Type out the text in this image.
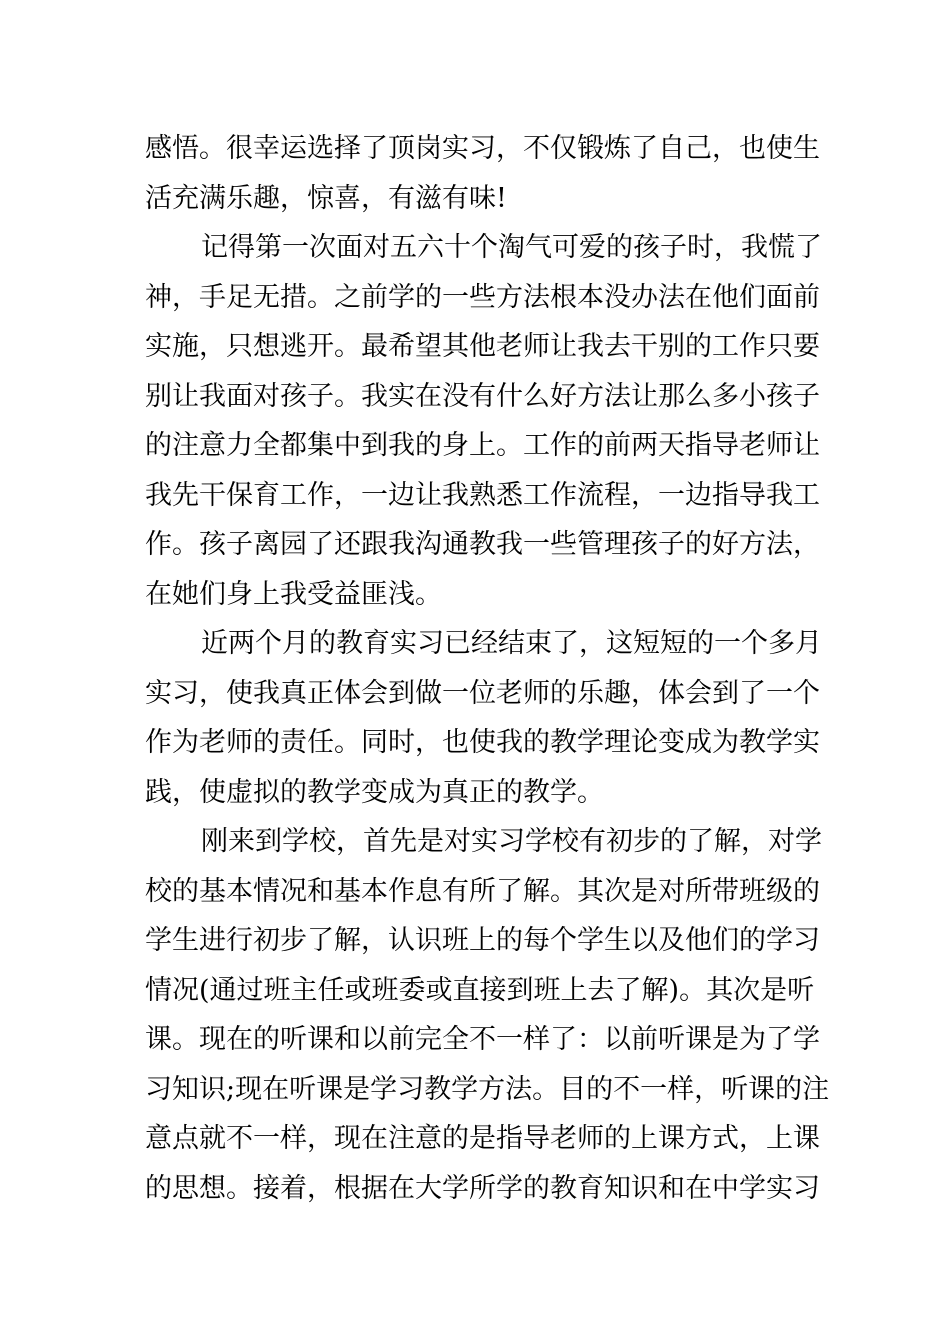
感悟。很幸运选择了顶岗实习，不仅锻炼了自己，也使生
活充满乐趣，惊喜，有滋有味!
记得第一次面对五六十个淘气可爱的孩子时，我慌了
神，手足无措。之前学的一些方法根本没办法在他们面前
实施，只想逃开。最希望其他老师让我去干别的工作只要
别让我面对孩子。我实在没有什么好方法让那么多小孩子
的注意力全都集中到我的身上。工作的前两天指导老师让
我先干保育工作，一边让我熟悉工作流程，一边指导我工
作。孩子离园了还跟我沟通教我一些管理孩子的好方法，
在她们身上我受益匪浅。
近两个月的教育实习已经结束了，这短短的一个多月
实习，使我真正体会到做一位老师的乐趣，体会到了一个
作为老师的责任。同时，也使我的教学理论变成为教学实
践，使虚拟的教学变成为真正的教学。
刚来到学校，首先是对实习学校有初步的了解，对学
校的基本情况和基本作息有所了解。其次是对所带班级的
学生进行初步了解，认识班上的每个学生以及他们的学习
情况(通过班主任或班委或直接到班上去了解)。其次是听
课。现在的听课和以前完全不一样了：以前听课是为了学
习知识;现在听课是学习教学方法。目的不一样，听课的注
意点就不一样，现在注意的是指导老师的上课方式，上课
的思想。接着，根据在大学所学的教育知识和在中学实习
